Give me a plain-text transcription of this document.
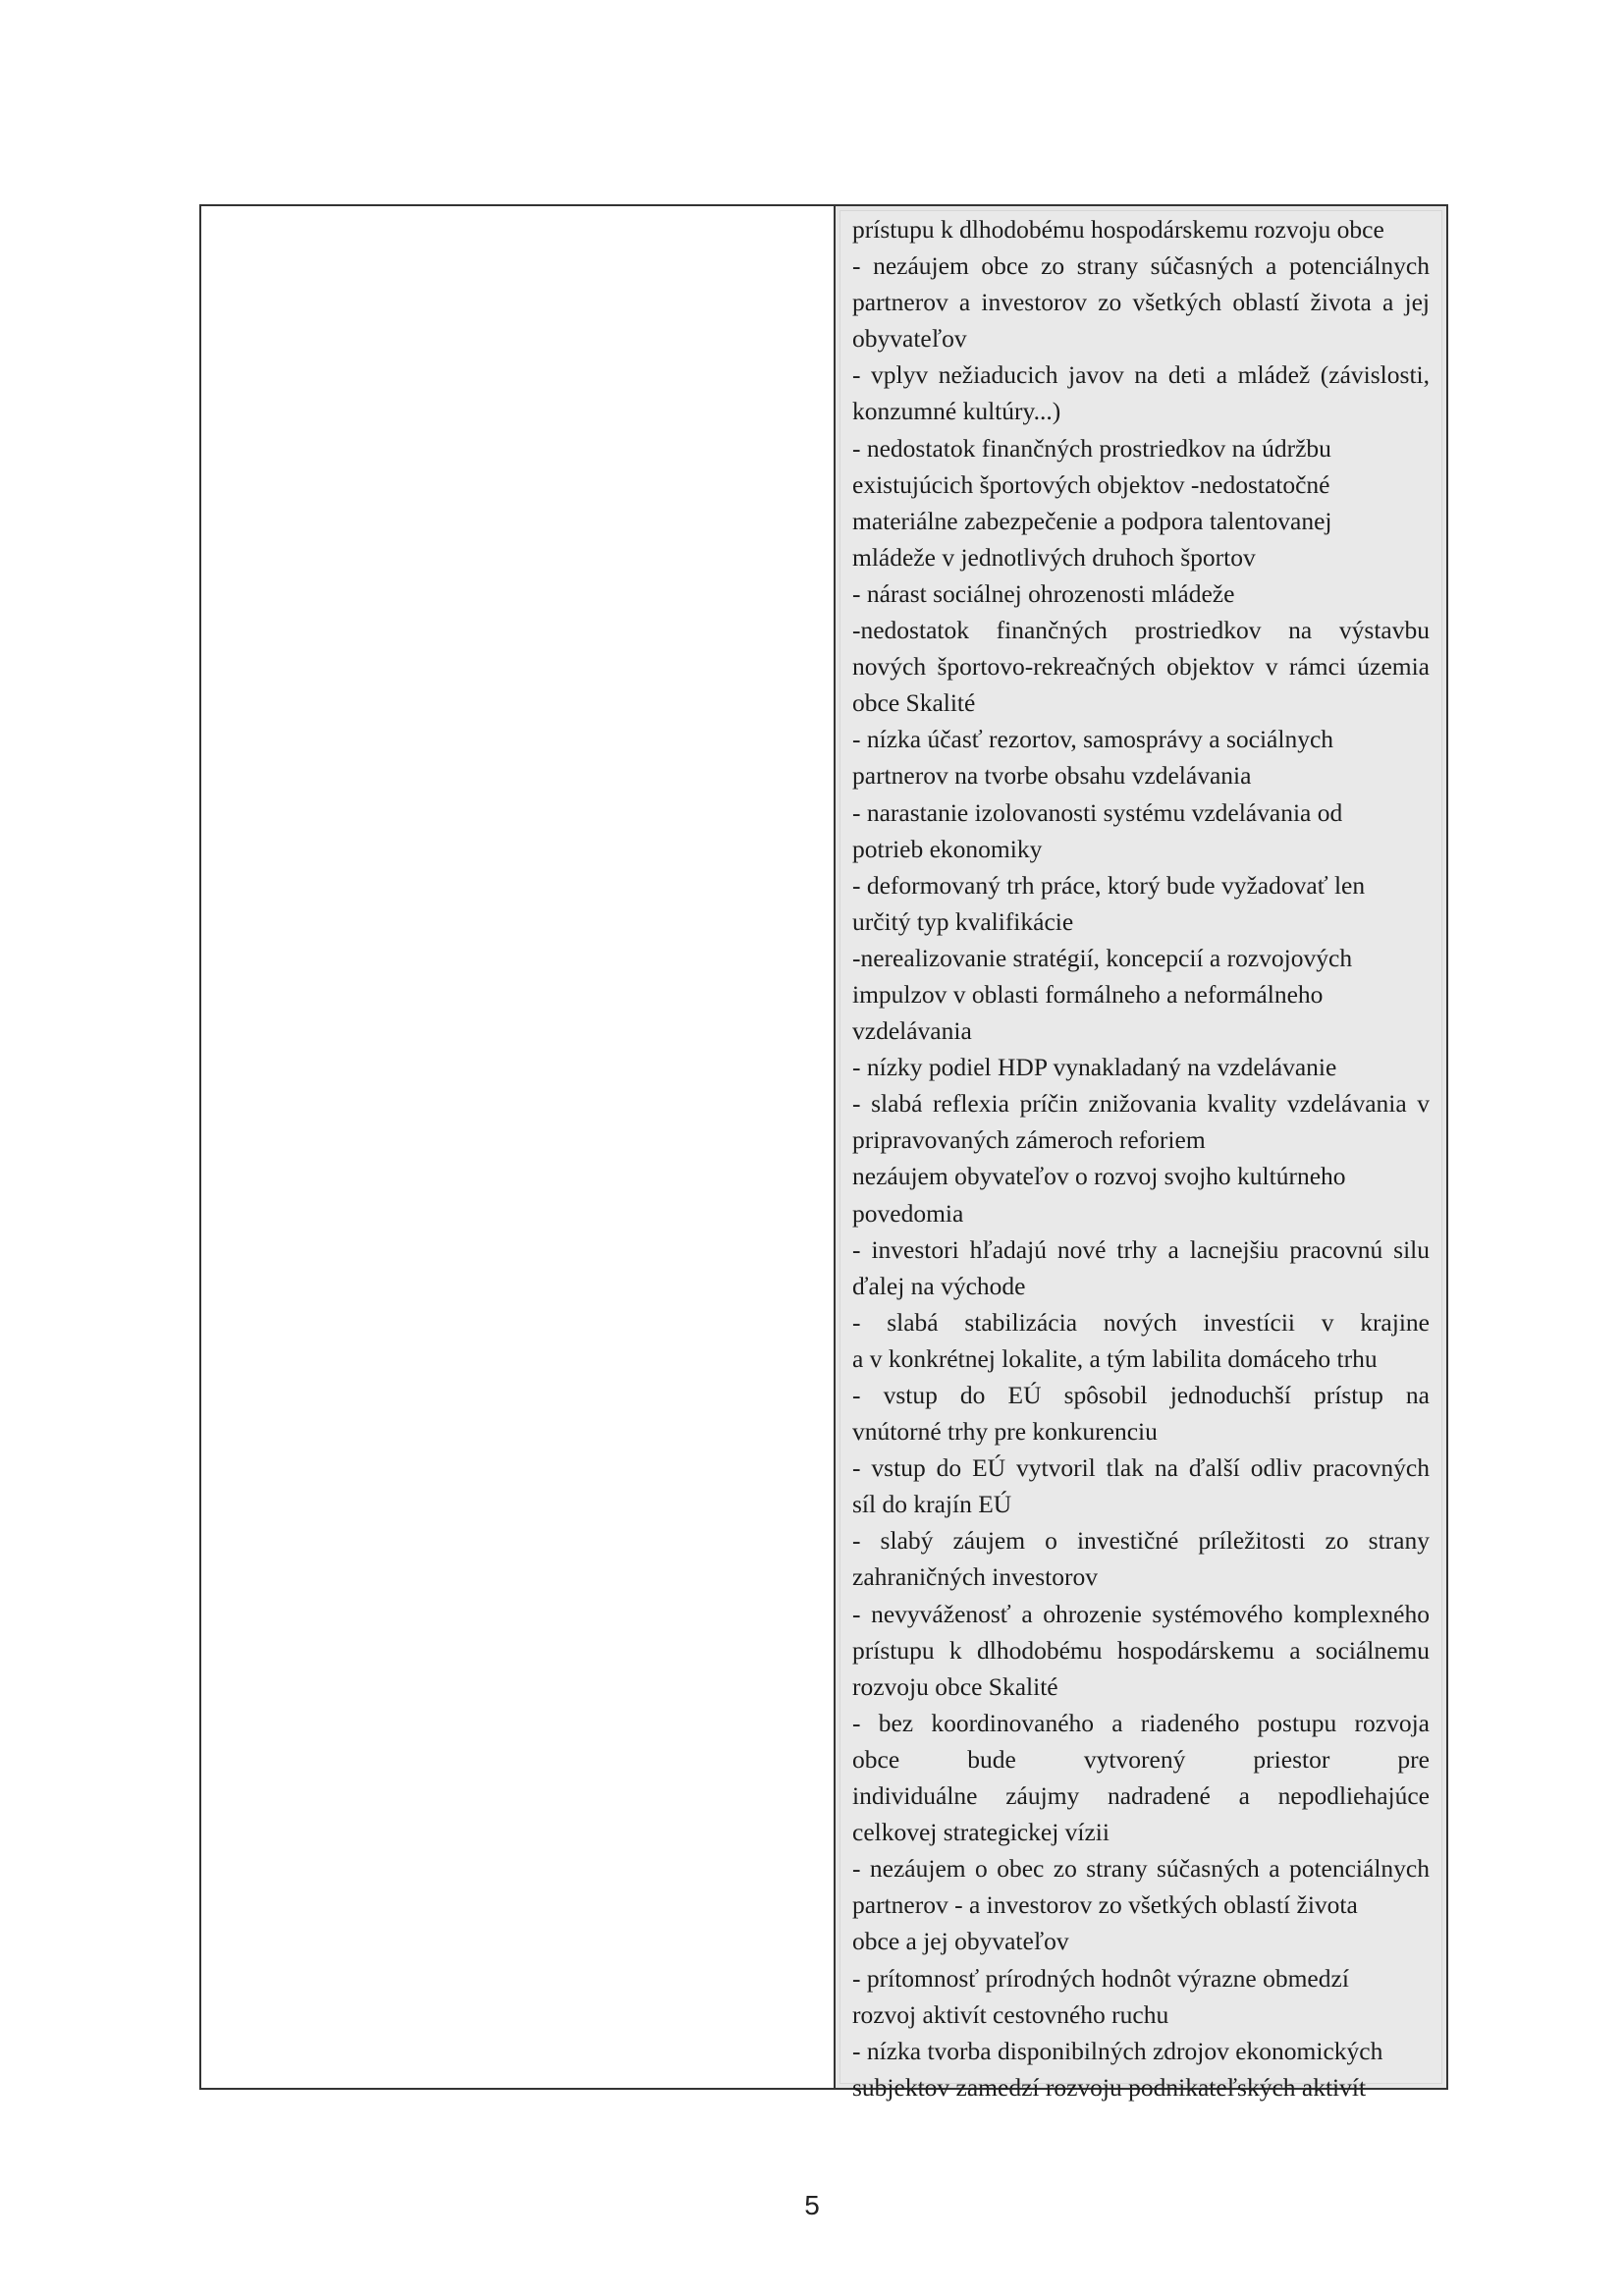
prístupu k dlhodobému hospodárskemu rozvoju obce
- nezáujem obce zo strany súčasných a potenciálnych
partnerov a investorov zo všetkých oblastí života a jej
obyvateľov
- vplyv nežiaducich javov na deti a mládež (závislosti,
konzumné kultúry...)
- nedostatok finančných prostriedkov na údržbu
existujúcich športových objektov -nedostatočné
materiálne zabezpečenie a podpora talentovanej
mládeže v jednotlivých druhoch športov
- nárast sociálnej ohrozenosti mládeže
-nedostatok finančných prostriedkov na výstavbu
nových športovo-rekreačných objektov v rámci územia
obce Skalité
- nízka účasť rezortov, samosprávy a sociálnych
partnerov na tvorbe obsahu vzdelávania
- narastanie izolovanosti systému vzdelávania od
potrieb ekonomiky
- deformovaný trh práce, ktorý bude vyžadovať len
určitý typ kvalifikácie
-nerealizovanie stratégií, koncepcií a rozvojových
impulzov v oblasti formálneho a neformálneho
vzdelávania
- nízky podiel HDP vynakladaný na vzdelávanie
- slabá reflexia príčin znižovania kvality vzdelávania v
pripravovaných zámeroch reforiem
nezáujem obyvateľov o rozvoj svojho kultúrneho
povedomia
- investori hľadajú nové trhy a lacnejšiu pracovnú silu
ďalej na východe
- slabá stabilizácia nových investícii v krajine
a v konkrétnej lokalite, a tým labilita domáceho trhu
- vstup do EÚ spôsobil jednoduchší prístup na
vnútorné trhy pre konkurenciu
- vstup do EÚ vytvoril tlak na ďalší odliv pracovných
síl do krajín EÚ
- slabý záujem o investičné príležitosti zo strany
zahraničných investorov
- nevyváženosť a ohrozenie systémového komplexného
prístupu k dlhodobému hospodárskemu a sociálnemu
rozvoju obce Skalité
- bez koordinovaného a riadeného postupu rozvoja
obce bude vytvorený priestor pre
individuálne záujmy nadradené a nepodliehajúce
celkovej strategickej vízii
- nezáujem o obec zo strany súčasných a potenciálnych
partnerov - a investorov zo všetkých oblastí života
obce a jej obyvateľov
- prítomnosť prírodných hodnôt výrazne obmedzí
rozvoj aktivít cestovného ruchu
- nízka tvorba disponibilných zdrojov ekonomických
subjektov zamedzí rozvoju podnikateľských aktivít
5
